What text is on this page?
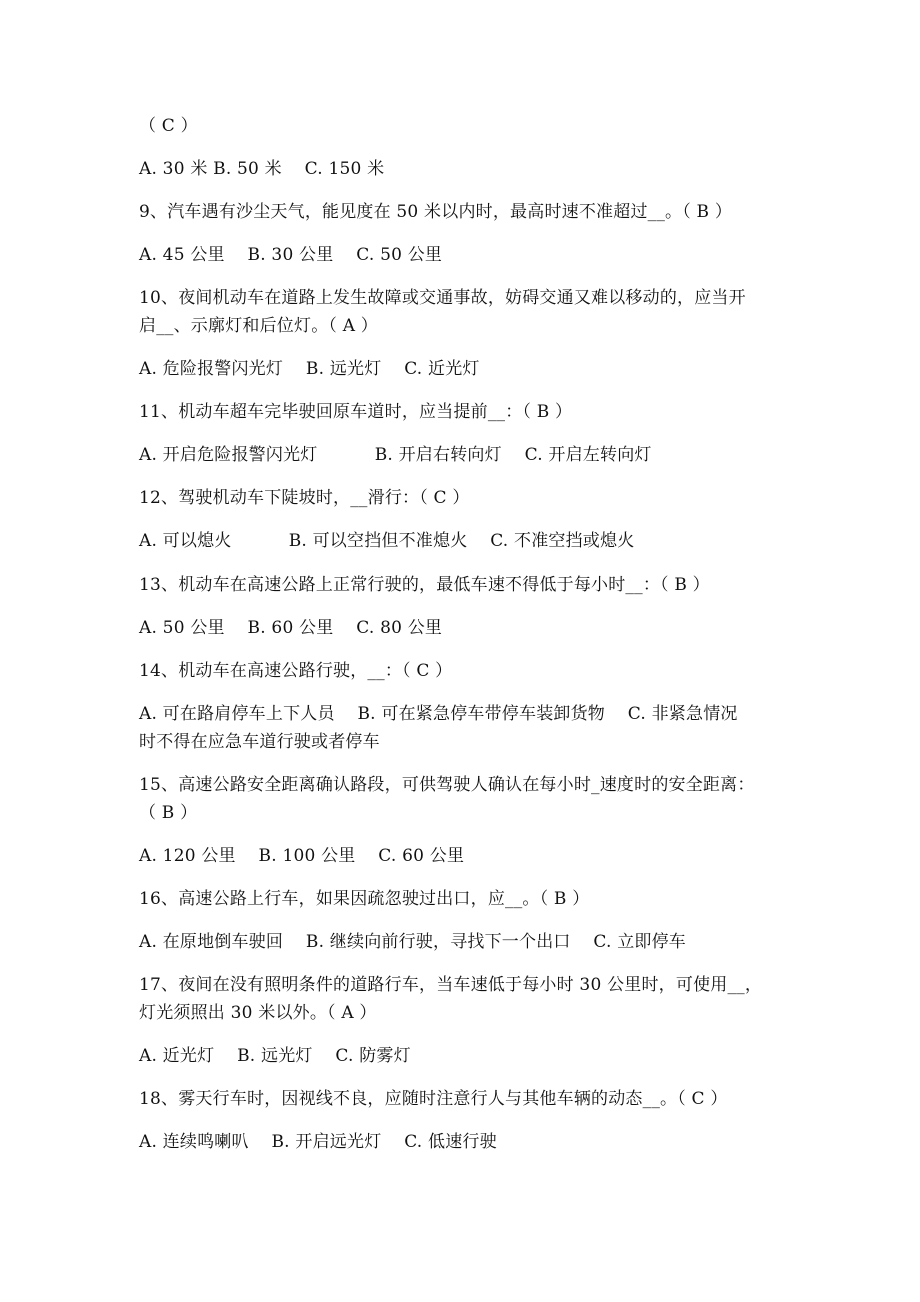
（ C ）
A. 30 米 B. 50 米　 C. 150 米
9、汽车遇有沙尘天气，能见度在 50 米以内时，最高时速不准超过__。（ B ）
A. 45 公里　 B. 30 公里　 C. 50 公里
10、夜间机动车在道路上发生故障或交通事故，妨碍交通又难以移动的，应当开
启__、示廓灯和后位灯。（ A ）
A. 危险报警闪光灯　 B. 远光灯　 C. 近光灯
11、机动车超车完毕驶回原车道时，应当提前__：（ B ）
A. 开启危险报警闪光灯　　　 B. 开启右转向灯　 C. 开启左转向灯
12、驾驶机动车下陡坡时，__滑行：（ C ）
A. 可以熄火　　　 B. 可以空挡但不准熄火　 C. 不准空挡或熄火
13、机动车在高速公路上正常行驶的，最低车速不得低于每小时__：（ B ）
A. 50 公里　 B. 60 公里　 C. 80 公里
14、机动车在高速公路行驶，__：（ C ）
A. 可在路肩停车上下人员　 B. 可在紧急停车带停车装卸货物　 C. 非紧急情况
时不得在应急车道行驶或者停车
15、高速公路安全距离确认路段，可供驾驶人确认在每小时_速度时的安全距离：
（ B ）
A. 120 公里　 B. 100 公里　 C. 60 公里
16、高速公路上行车，如果因疏忽驶过出口，应__。（ B ）
A. 在原地倒车驶回　 B. 继续向前行驶，寻找下一个出口　 C. 立即停车
17、夜间在没有照明条件的道路行车，当车速低于每小时 30 公里时，可使用__，
灯光须照出 30 米以外。（ A ）
A. 近光灯　 B. 远光灯　 C. 防雾灯
18、雾天行车时，因视线不良，应随时注意行人与其他车辆的动态__。（ C ）
A. 连续鸣喇叭　 B. 开启远光灯　 C. 低速行驶
